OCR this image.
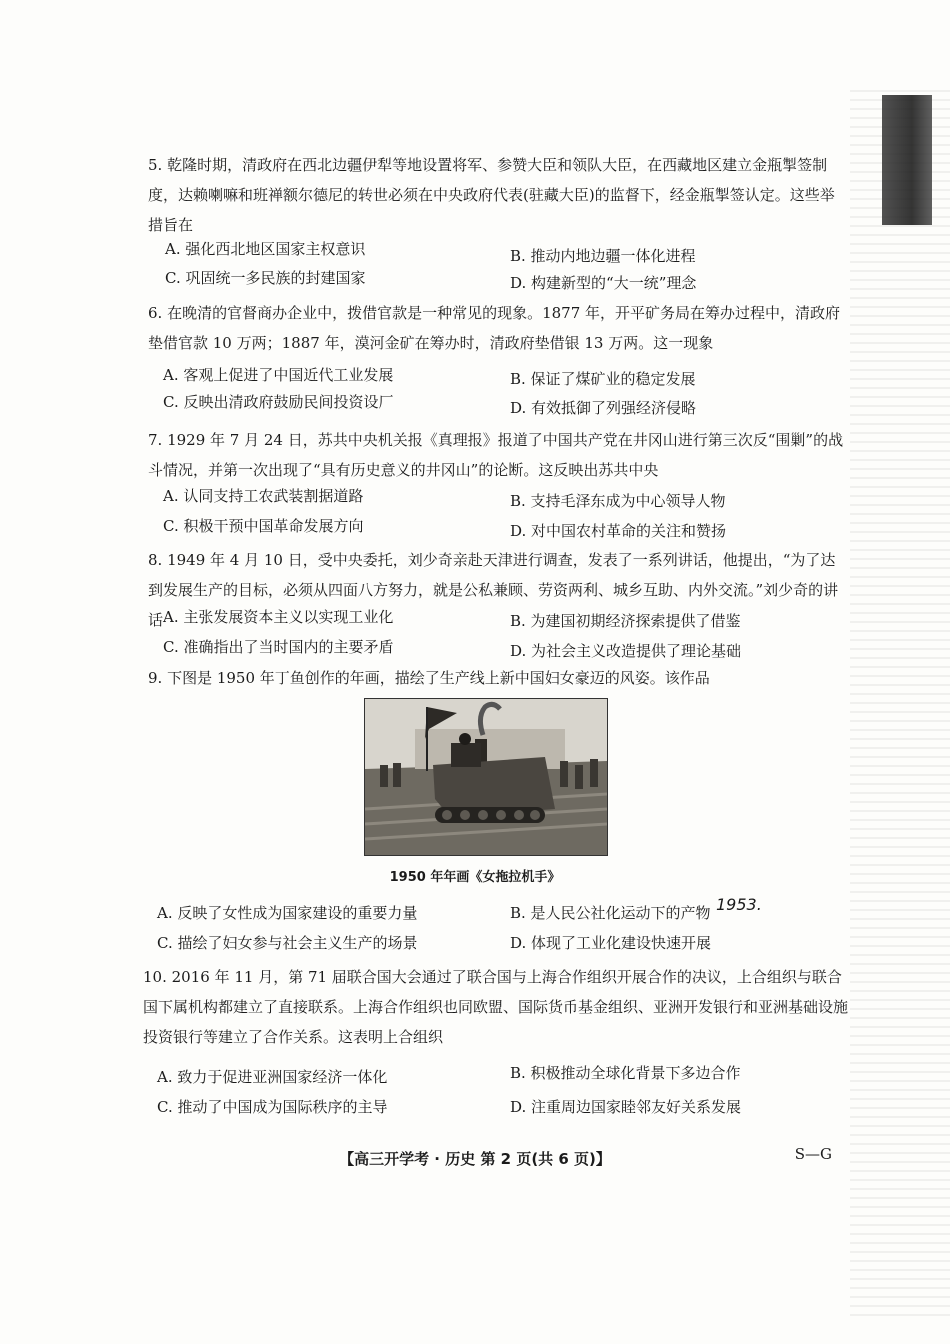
5. 乾隆时期，清政府在西北边疆伊犁等地设置将军、参赞大臣和领队大臣，在西藏地区建立金瓶掣签制度，达赖喇嘛和班禅额尔德尼的转世必须在中央政府代表(驻藏大臣)的监督下，经金瓶掣签认定。这些举措旨在
A. 强化西北地区国家主权意识	B. 推动内地边疆一体化进程
C. 巩固统一多民族的封建国家	D. 构建新型的“大一统”理念
6. 在晚清的官督商办企业中，拨借官款是一种常见的现象。1877 年，开平矿务局在筹办过程中，清政府垫借官款 10 万两；1887 年，漠河金矿在筹办时，清政府垫借银 13 万两。这一现象
A. 客观上促进了中国近代工业发展	B. 保证了煤矿业的稳定发展
C. 反映出清政府鼓励民间投资设厂	D. 有效抵御了列强经济侵略
7. 1929 年 7 月 24 日，苏共中央机关报《真理报》报道了中国共产党在井冈山进行第三次反“围剿”的战斗情况，并第一次出现了“具有历史意义的井冈山”的论断。这反映出苏共中央
A. 认同支持工农武装割据道路	B. 支持毛泽东成为中心领导人物
C. 积极干预中国革命发展方向	D. 对中国农村革命的关注和赞扬
8. 1949 年 4 月 10 日，受中央委托，刘少奇亲赴天津进行调查，发表了一系列讲话，他提出，“为了达到发展生产的目标，必须从四面八方努力，就是公私兼顾、劳资两利、城乡互助、内外交流。”刘少奇的讲话 A. 主张发展资本主义以实现工业化	B. 为建国初期经济探索提供了借鉴
C. 准确指出了当时国内的主要矛盾	D. 为社会主义改造提供了理论基础
9. 下图是 1950 年丁鱼创作的年画，描绘了生产线上新中国妇女豪迈的风姿。该作品
1950 年年画《女拖拉机手》
A. 反映了女性成为国家建设的重要力量	B. 是人民公社化运动下的产物 1953.
C. 描绘了妇女参与社会主义生产的场景	D. 体现了工业化建设快速开展
10. 2016 年 11 月，第 71 届联合国大会通过了联合国与上海合作组织开展合作的决议，上合组织与联合国下属机构都建立了直接联系。上海合作组织也同欧盟、国际货币基金组织、亚洲开发银行和亚洲基础设施投资银行等建立了合作关系。这表明上合组织
A. 致力于促进亚洲国家经济一体化	B. 积极推动全球化背景下多边合作
C. 推动了中国成为国际秩序的主导	D. 注重周边国家睦邻友好关系发展
【高三开学考 · 历史 第 2 页(共 6 页)】	S—G
